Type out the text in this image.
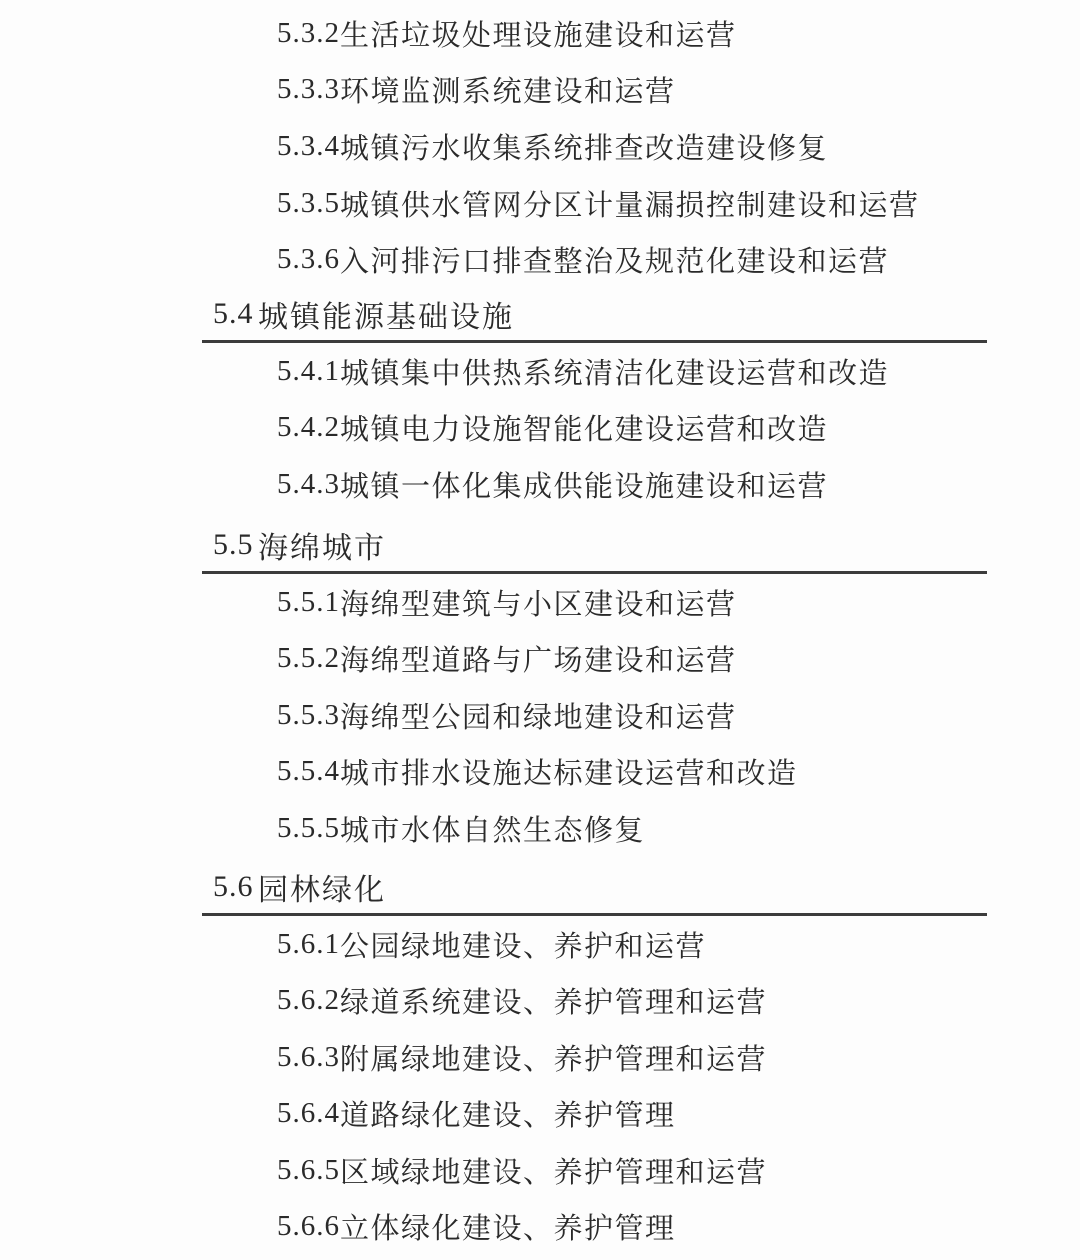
5.3.2 生活垃圾处理设施建设和运营
5.3.3 环境监测系统建设和运营
5.3.4 城镇污水收集系统排查改造建设修复
5.3.5 城镇供水管网分区计量漏损控制建设和运营
5.3.6 入河排污口排查整治及规范化建设和运营
5.4 城镇能源基础设施
5.4.1 城镇集中供热系统清洁化建设运营和改造
5.4.2 城镇电力设施智能化建设运营和改造
5.4.3 城镇一体化集成供能设施建设和运营
5.5 海绵城市
5.5.1 海绵型建筑与小区建设和运营
5.5.2 海绵型道路与广场建设和运营
5.5.3 海绵型公园和绿地建设和运营
5.5.4 城市排水设施达标建设运营和改造
5.5.5 城市水体自然生态修复
5.6 园林绿化
5.6.1 公园绿地建设、养护和运营
5.6.2 绿道系统建设、养护管理和运营
5.6.3 附属绿地建设、养护管理和运营
5.6.4 道路绿化建设、养护管理
5.6.5 区域绿地建设、养护管理和运营
5.6.6 立体绿化建设、养护管理
